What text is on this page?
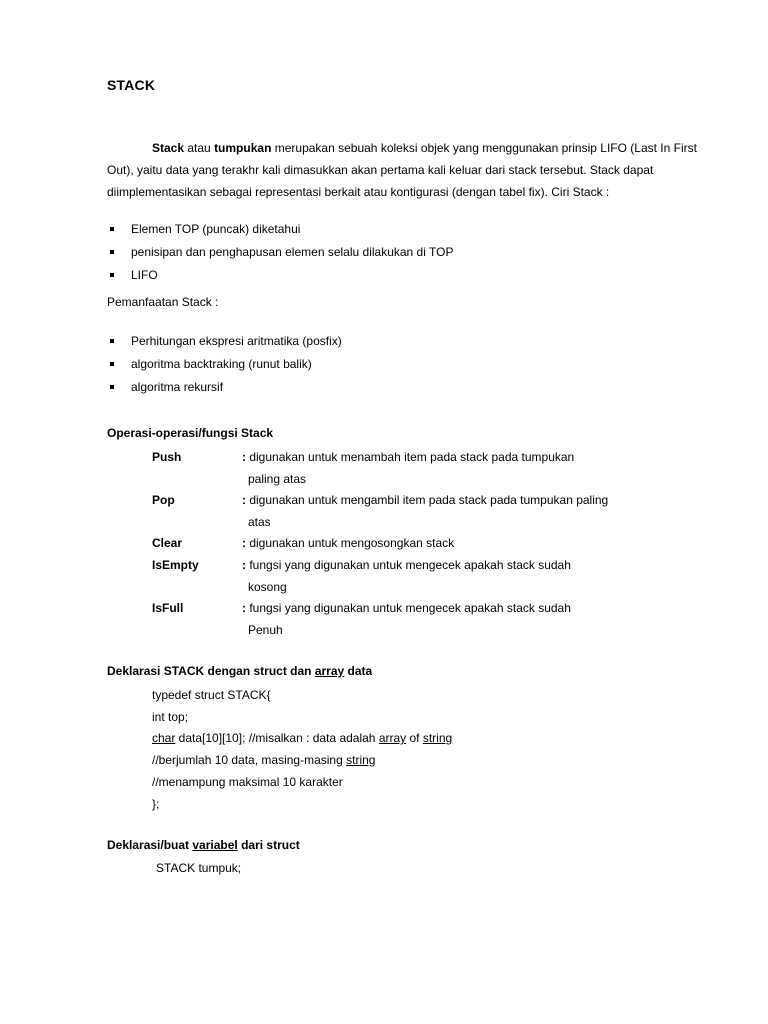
STACK
Stack atau tumpukan merupakan sebuah koleksi objek yang menggunakan prinsip LIFO (Last In First Out), yaitu data yang terakhr kali dimasukkan akan pertama kali keluar dari stack tersebut. Stack dapat diimplementasikan sebagai representasi berkait atau kontigurasi (dengan tabel fix). Ciri Stack :
Elemen TOP (puncak) diketahui
penisipan dan penghapusan elemen selalu dilakukan di TOP
LIFO
Pemanfaatan Stack :
Perhitungan ekspresi aritmatika (posfix)
algoritma backtraking (runut balik)
algoritma rekursif
Operasi-operasi/fungsi Stack
Push	: digunakan untuk menambah item pada stack pada tumpukan
paling atas
Pop	: digunakan untuk mengambil item pada stack pada tumpukan paling
atas
Clear	: digunakan untuk mengosongkan stack
IsEmpty	: fungsi yang digunakan untuk mengecek apakah stack sudah
kosong
IsFull	: fungsi yang digunakan untuk mengecek apakah stack sudah
Penuh
Deklarasi STACK dengan struct dan array data
typedef struct STACK{
int top;
char data[10][10]; //misalkan : data adalah array of string
//berjumlah 10 data, masing-masing string
//menampung maksimal 10 karakter
};
Deklarasi/buat variabel dari struct
STACK tumpuk;
